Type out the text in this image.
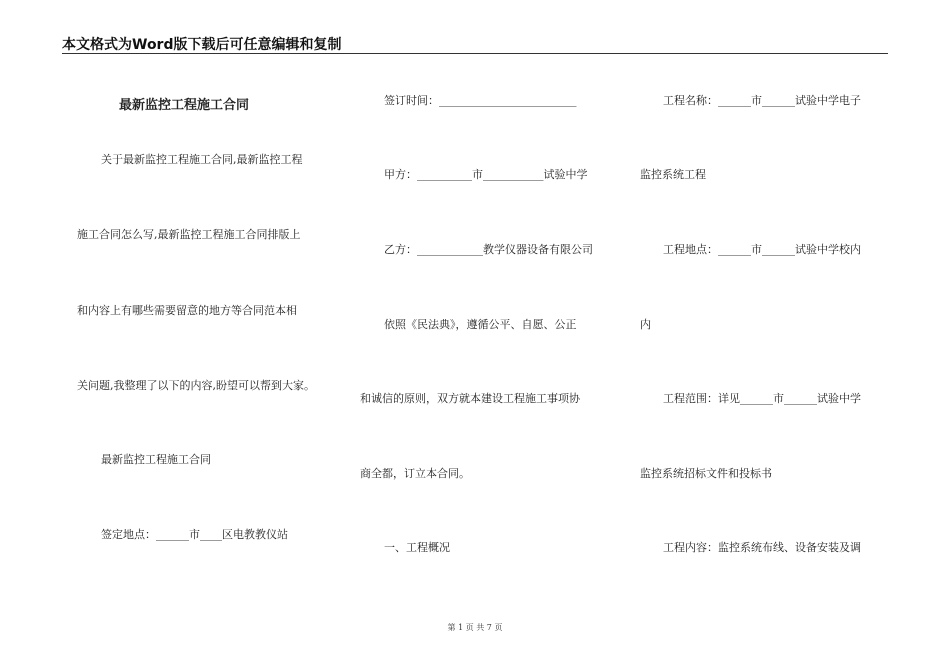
本文格式为Word版下载后可任意编辑和复制
最新监控工程施工合同
关于最新监控工程施工合同,最新监控工程
施工合同怎么写,最新监控工程施工合同排版上
和内容上有哪些需要留意的地方等合同范本相
关问题,我整理了以下的内容,盼望可以帮到大家。
最新监控工程施工合同
签定地点：______市____区电教教仪站
签订时间：_________________________
甲方：__________市___________试验中学
乙方：____________教学仪器设备有限公司
依照《民法典》，遵循公平、自愿、公正
和诚信的原则，双方就本建设工程施工事项协
商全都，订立本合同。
一、工程概况
工程名称：______市______试验中学电子
监控系统工程
工程地点：______市______试验中学校内
内
工程范围：详见______市______试验中学
监控系统招标文件和投标书
工程内容：监控系统布线、设备安装及调
第 1 页 共 7 页
